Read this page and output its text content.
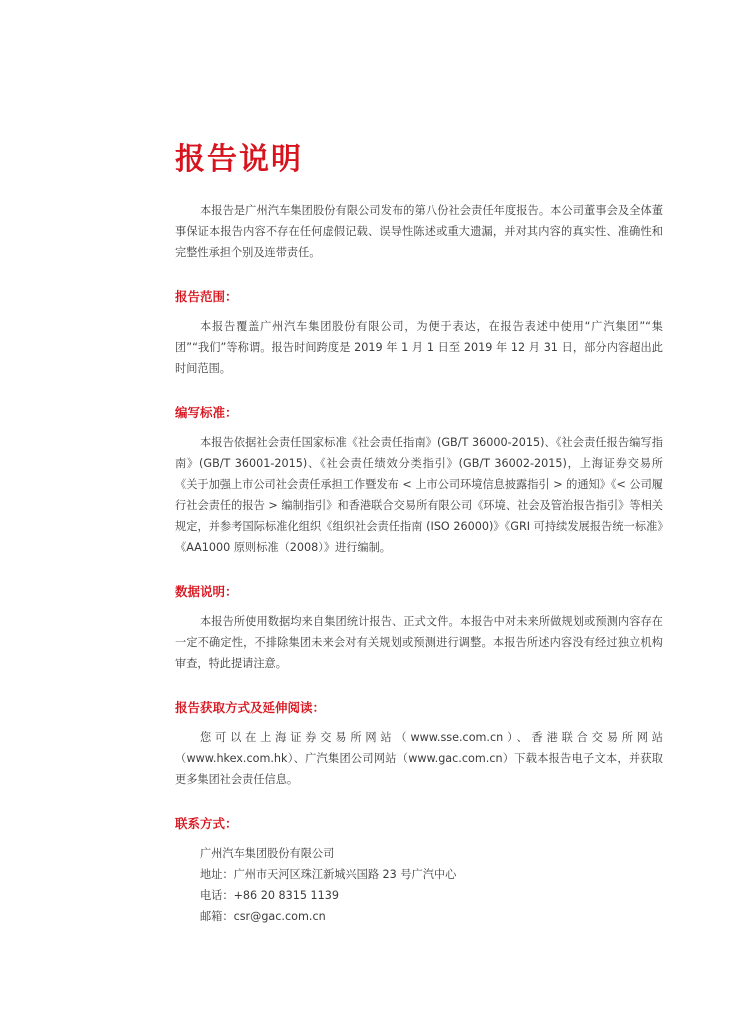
报告说明

本报告是广州汽车集团股份有限公司发布的第八份社会责任年度报告。本公司董事会及全体董事保证本报告内容不存在任何虚假记载、误导性陈述或重大遗漏，并对其内容的真实性、准确性和完整性承担个别及连带责任。

报告范围：

本报告覆盖广州汽车集团股份有限公司，为便于表达，在报告表述中使用“广汽集团”“集团”“我们”等称谓。报告时间跨度是 2019 年 1 月 1 日至 2019 年 12 月 31 日，部分内容超出此时间范围。

编写标准：

本报告依据社会责任国家标准《社会责任指南》(GB/T 36000-2015)、《社会责任报告编写指南》(GB/T 36001-2015)、《社会责任绩效分类指引》(GB/T 36002-2015)，上海证券交易所《关于加强上市公司社会责任承担工作暨发布 < 上市公司环境信息披露指引 > 的通知》《< 公司履行社会责任的报告 > 编制指引》和香港联合交易所有限公司《环境、社会及管治报告指引》等相关规定，并参考国际标准化组织《组织社会责任指南 (ISO 26000)》《GRI 可持续发展报告统一标准》《AA1000 原则标准（2008）》进行编制。

数据说明：

本报告所使用数据均来自集团统计报告、正式文件。本报告中对未来所做规划或预测内容存在一定不确定性，不排除集团未来会对有关规划或预测进行调整。本报告所述内容没有经过独立机构审查，特此提请注意。

报告获取方式及延伸阅读：

您可以在上海证券交易所网站（www.sse.com.cn）、香港联合交易所网站（www.hkex.com.hk）、广汽集团公司网站（www.gac.com.cn）下载本报告电子文本，并获取更多集团社会责任信息。

联系方式：
广州汽车集团股份有限公司
地址：广州市天河区珠江新城兴国路 23 号广汽中心
电话：+86 20 8315 1139
邮箱：csr@gac.com.cn
